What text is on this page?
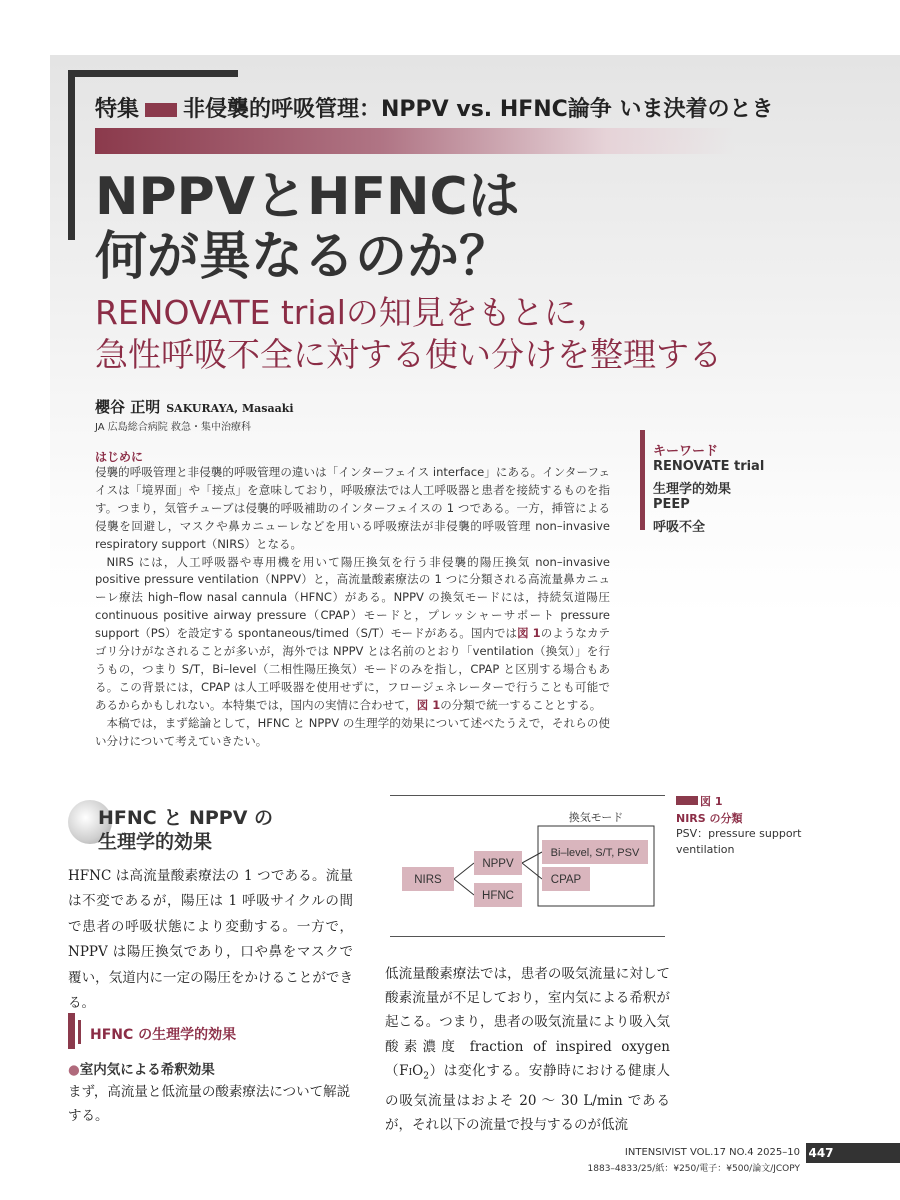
特集 非侵襲的呼吸管理：NPPV vs. HFNC論争 いま決着のとき
NPPVとHFNCは
何が異なるのか？
RENOVATE trialの知見をもとに，
急性呼吸不全に対する使い分けを整理する
櫻谷 正明 SAKURAYA, Masaaki
JA 広島総合病院 救急・集中治療科
キーワード
RENOVATE trial
生理学的効果
PEEP
呼吸不全
はじめに

侵襲的呼吸管理と非侵襲的呼吸管理の違いは「インターフェイス interface」にある。インターフェイスは「境界面」や「接点」を意味しており，呼吸療法では人工呼吸器と患者を接続するものを指す。つまり，気管チューブは侵襲的呼吸補助のインターフェイスの 1 つである。一方，挿管による侵襲を回避し，マスクや鼻カニューレなどを用いる呼吸療法が非侵襲的呼吸管理 non–invasive respiratory support（NIRS）となる。

NIRS には，人工呼吸器や専用機を用いて陽圧換気を行う非侵襲的陽圧換気 non–invasive positive pressure ventilation（NPPV）と，高流量酸素療法の 1 つに分類される高流量鼻カニューレ療法 high–flow nasal cannula（HFNC）がある。NPPV の換気モードには，持続気道陽圧 continuous positive airway pressure（CPAP）モードと，プレッシャーサポート pressure support（PS）を設定する spontaneous/timed（S/T）モードがある。国内では図 1のようなカテゴリ分けがなされることが多いが，海外では NPPV とは名前のとおり「ventilation（換気）」を行うもの，つまり S/T，Bi–level（二相性陽圧換気）モードのみを指し，CPAP と区別する場合もある。この背景には，CPAP は人工呼吸器を使用せずに，フロージェネレーターで行うことも可能であるからかもしれない。本特集では，国内の実情に合わせて，図 1の分類で統一することとする。

本稿では，まず総論として，HFNC と NPPV の生理学的効果について述べたうえで，それらの使い分けについて考えていきたい。

HFNC と NPPV の
生理学的効果
HFNC は高流量酸素療法の 1 つである。流量は不変であるが，陽圧は 1 呼吸サイクルの間で患者の呼吸状態により変動する。一方で，NPPV は陽圧換気であり，口や鼻をマスクで覆い，気道内に一定の陽圧をかけることができる。
HFNC の生理学的効果
●室内気による希釈効果
まず，高流量と低流量の酸素療法について解説する。
換気モード
NIRS
NPPV
HFNC
Bi–level, S/T, PSV
CPAP
図 1
NIRS の分類
PSV：pressure support ventilation
低流量酸素療法では，患者の吸気流量に対して酸素流量が不足しており，室内気による希釈が起こる。つまり，患者の吸気流量により吸入気酸素濃度 fraction of inspired $oxygen(FIO_2)$は変化する。安静時における健康人の吸気流量はおよそ 20 〜 30 L/min であるが，それ以下の流量で投与するのが低流
INTENSIVIST VOL.17 NO.4 2025–10
1883–4833/25/紙：¥250/電子：¥500/論文/JCOPY
447
